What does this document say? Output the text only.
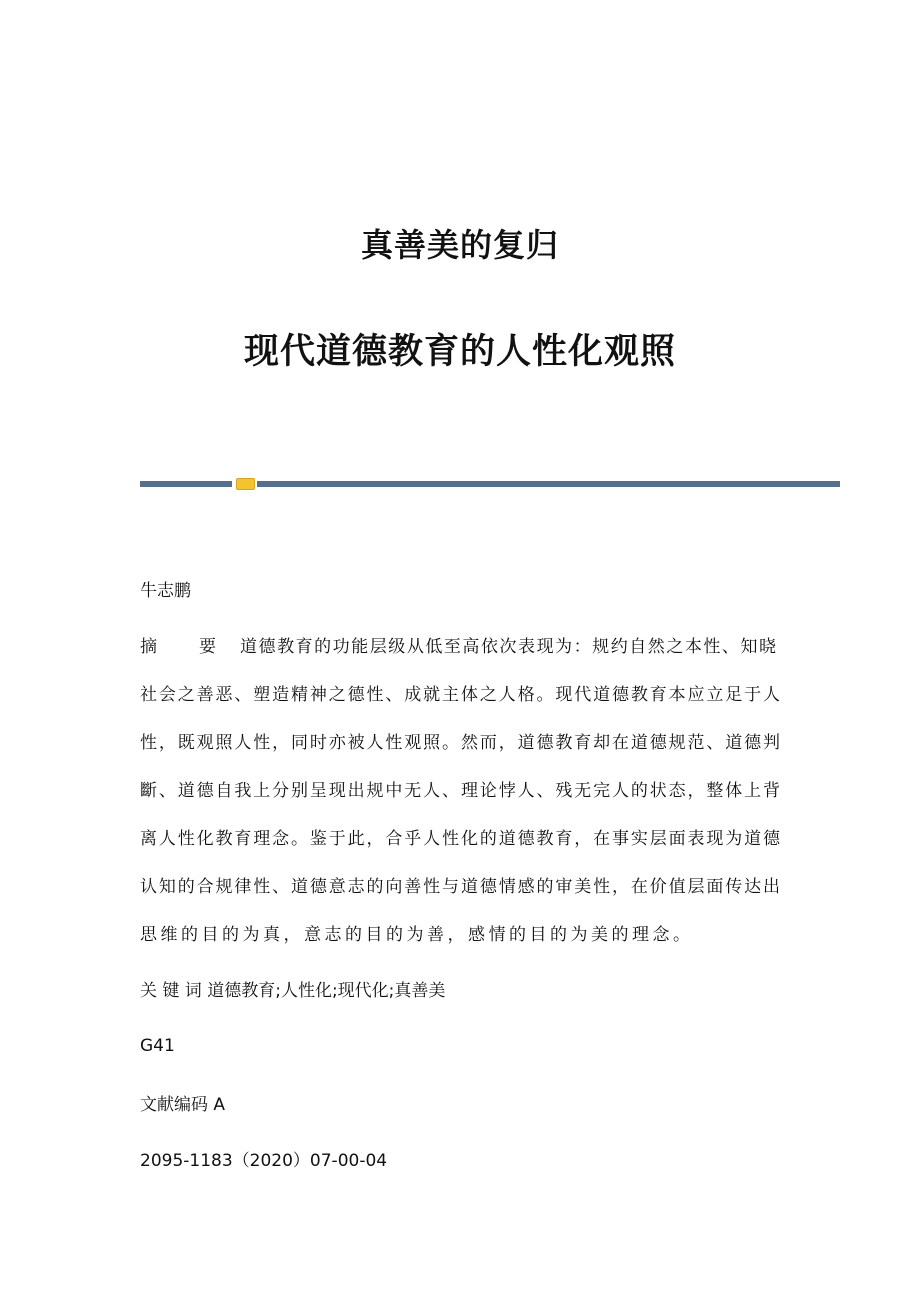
真善美的复归
现代道德教育的人性化观照
牛志鹏
摘 要 道德教育的功能层级从低至高依次表现为：规约自然之本性、知晓
社会之善恶、塑造精神之德性、成就主体之人格。现代道德教育本应立足于人
性，既观照人性，同时亦被人性观照。然而，道德教育却在道德规范、道德判
斷、道德自我上分别呈现出规中无人、理论悖人、残无完人的状态，整体上背
离人性化教育理念。鉴于此，合乎人性化的道德教育，在事实层面表现为道德
认知的合规律性、道德意志的向善性与道德情感的审美性，在价值层面传达出
思维的目的为真，意志的目的为善，感情的目的为美的理念。
关 键 词 道德教育;人性化;现代化;真善美
G41
文献编码 A
2095-1183（2020）07-00-04
